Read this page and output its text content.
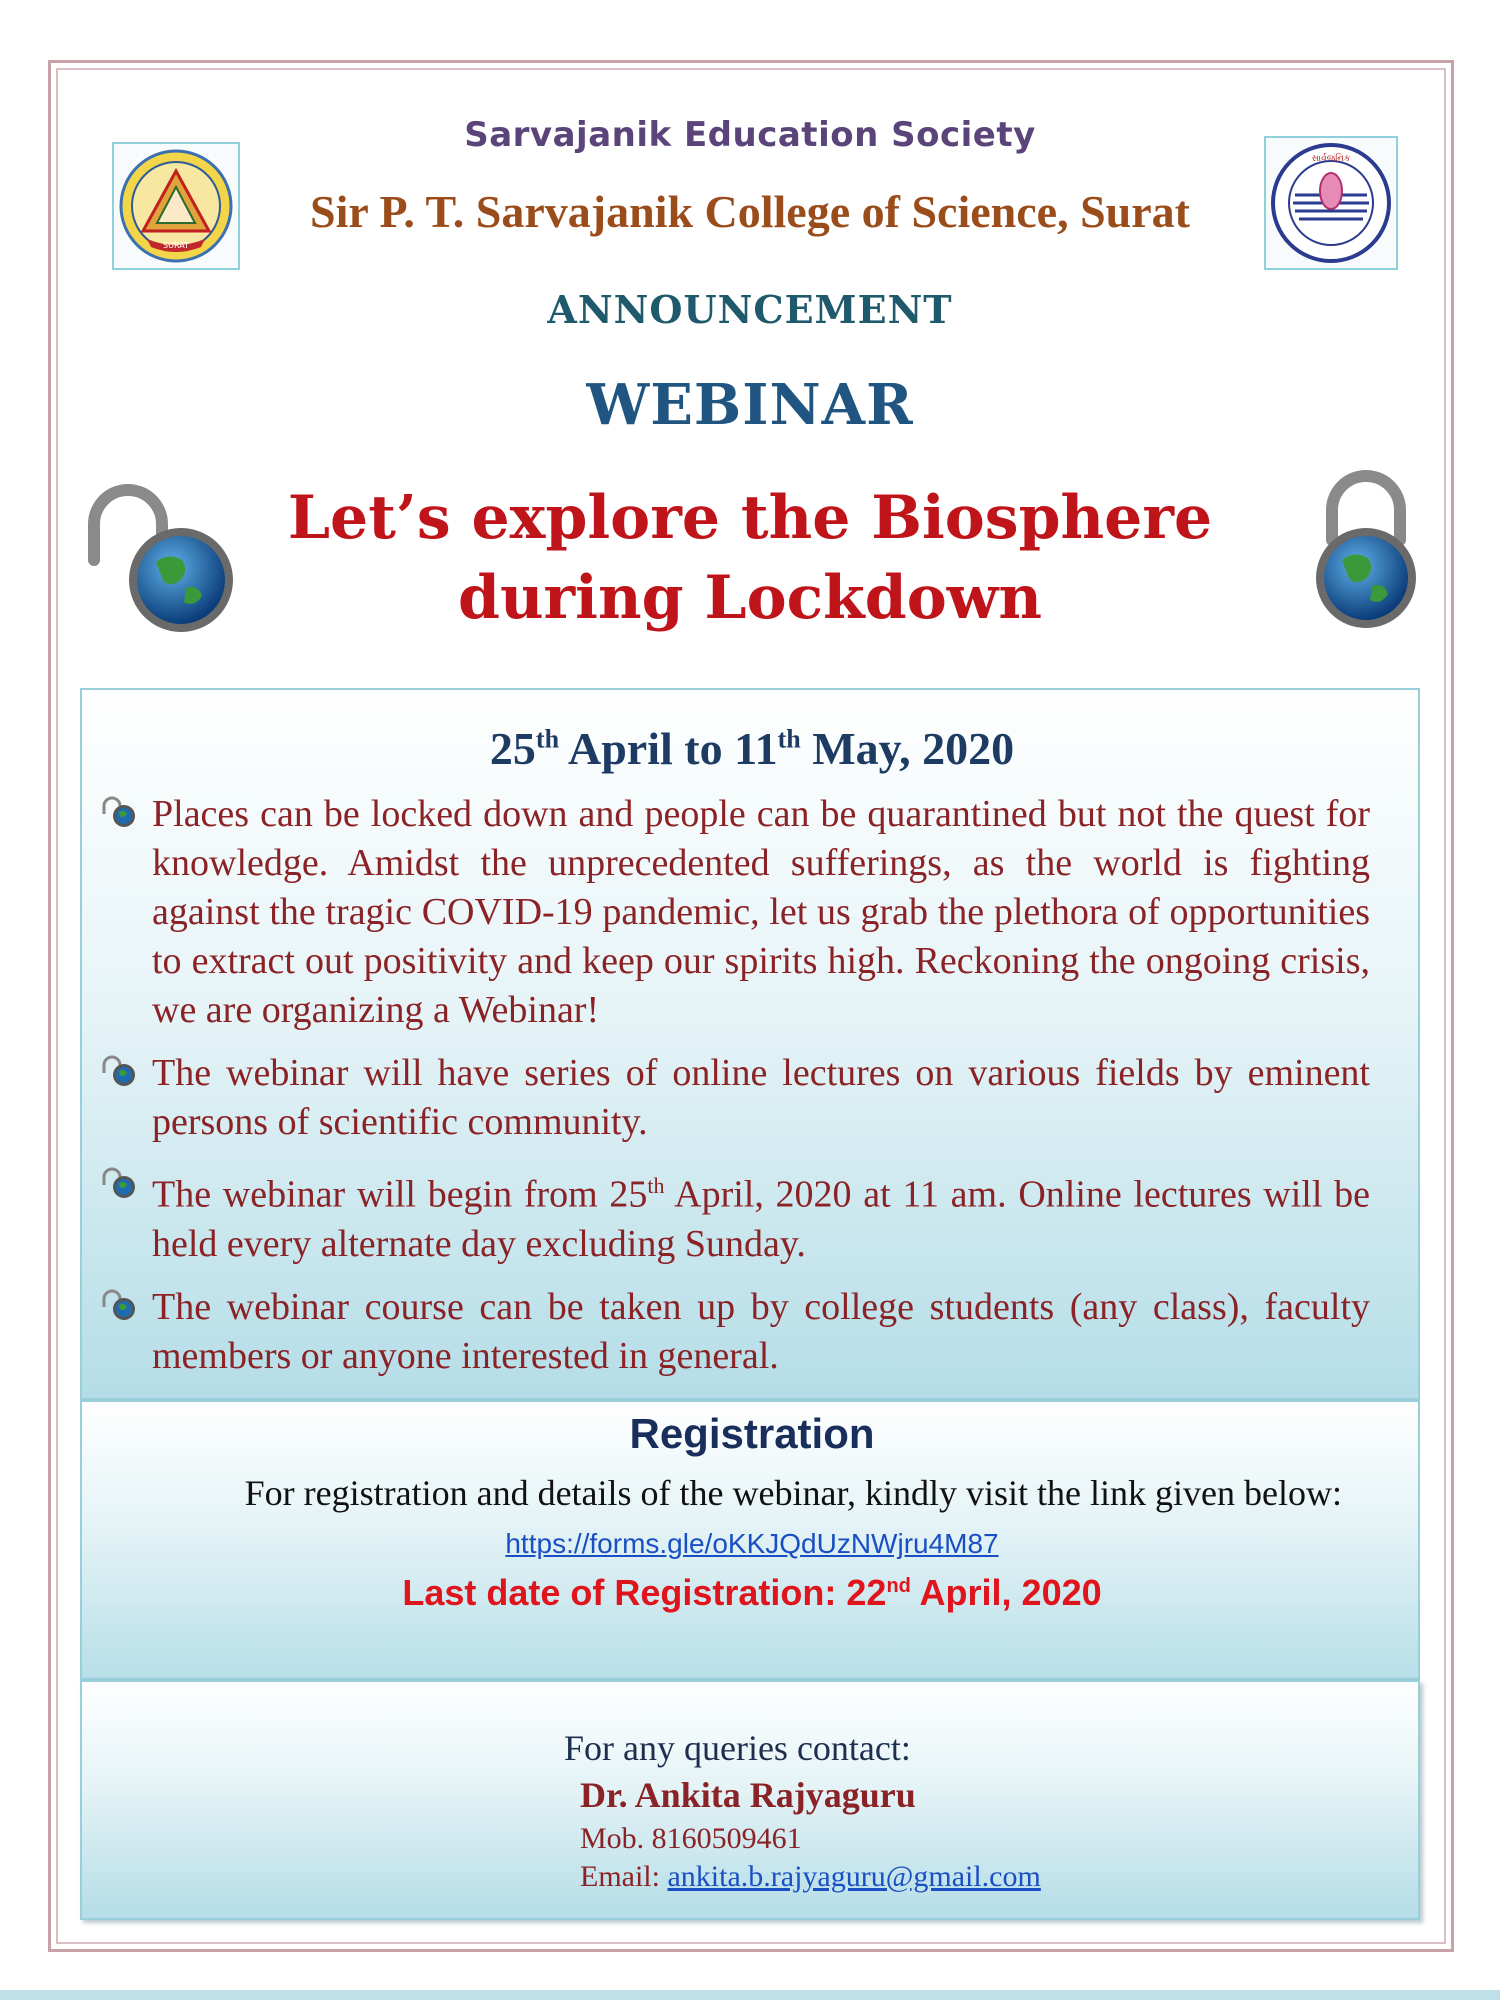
SURAT
સાર્વજનિક
Sarvajanik Education Society
Sir P. T. Sarvajanik College of Science, Surat
ANNOUNCEMENT
WEBINAR
Let’s explore the Biosphere
during Lockdown
25th April to 11th May, 2020
Places can be locked down and people can be quarantined but not the quest for knowledge. Amidst the unprecedented sufferings, as the world is fighting against the tragic COVID-19 pandemic, let us grab the plethora of opportunities to extract out positivity and keep our spirits high. Reckoning the ongoing crisis, we are organizing a Webinar!
The webinar will have series of online lectures on various fields by eminent persons of scientific community.
The webinar will begin from 25th April, 2020 at 11 am. Online lectures will be held every alternate day excluding Sunday.
The webinar course can be taken up by college students (any class), faculty members or anyone interested in general.
Registration
For registration and details of the webinar, kindly visit the link given below:
https://forms.gle/oKKJQdUzNWjru4M87
Last date of Registration: 22nd April, 2020
For any queries contact:
Dr. Ankita Rajyaguru
Mob. 8160509461
Email: ankita.b.rajyaguru@gmail.com
